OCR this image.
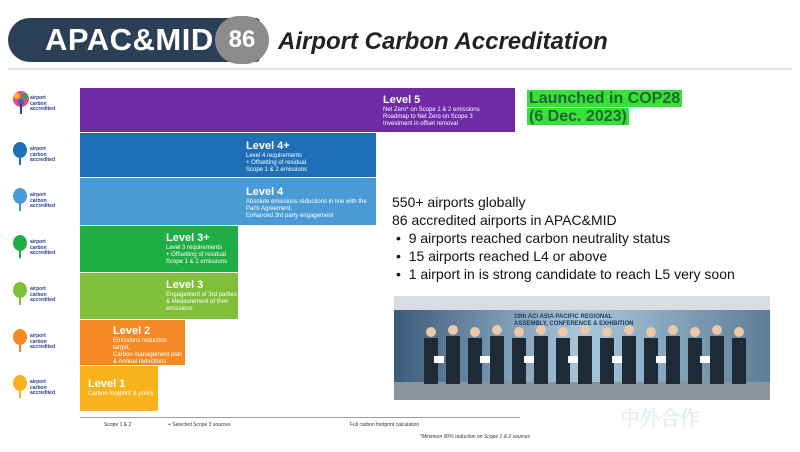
APAC&MID 86 Airport Carbon Accreditation
Level 5
Net Zero* on Scope 1 & 2 emissions
Roadmap to Net Zero on Scope 3
Investment in offset removal
Level 4+
Level 4 requirements
+ Offsetting of residual
Scope 1 & 2 emissions
Level 4
Absolute emissions reductions in line with the
Paris Agreement,
Enhanced 3rd party engagement
Level 3+
Level 3 requirements
+ Offsetting of residual
Scope 1 & 2 emissions
Level 3
Engagement of 3rd parties
& Measurement of their
emissions
Level 2
Emissions reduction target,
Carbon management plan
& Annual reductions
Level 1
Carbon footprint & policy
airport
carbon
accredited
airport
carbon
accredited
airport
carbon
accredited
airport
carbon
accredited
airport
carbon
accredited
airport
carbon
accredited
airport
carbon
accredited
Scope 1 & 2	+ Selected Scope 3 sources	Full carbon footprint calculation
*Minimum 90% reduction on Scope 1 & 2 sources
Launched in COP28
(6 Dec. 2023)
550+ airports globally
86 accredited airports in APAC&MID
•  9 airports reached carbon neutrality status
•  15 airports reached L4 or above
•  1 airport in is strong candidate to reach L5 very soon
10th ACI ASIA PACIFIC REGIONAL ASSEMBLY, CONFERENCE & EXHIBITION
中外合作
